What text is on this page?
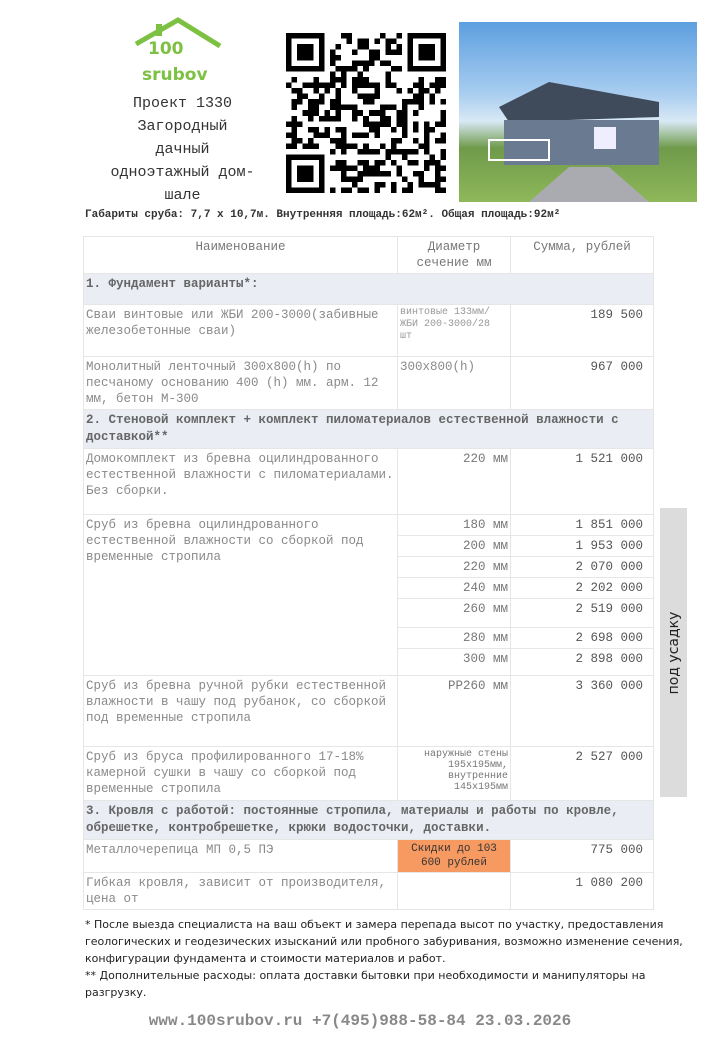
100
srubov
Проект 1330
Загородный
дачный
одноэтажный дом-
шале
Габариты сруба: 7,7 х 10,7м. Внутренняя площадь:62м². Общая площадь:92м²
Наименование	Диаметр сечение мм	Сумма, рублей
1. Фундамент варианты*:		
Сваи винтовые или ЖБИ 200-3000(забивные железобетонные сваи)	винтовые 133мм/ЖБИ 200-3000/28 шт	189 500
Монолитный ленточный 300х800(h) по песчаному основанию 400 (h) мм. арм. 12 мм, бетон М-300	300х800(h)	967 000
2. Стеновой комплект + комплект пиломатериалов естественной влажности с доставкой**		
Домокомплект из бревна оцилиндрованного естественной влажности с пиломатериалами. Без сборки.	220 мм	1 521 000
Сруб из бревна оцилиндрованного естественной влажности со сборкой под временные стропила	180 мм	1 851 000
	200 мм	1 953 000
	220 мм	2 070 000
	240 мм	2 202 000
	260 мм	2 519 000
	280 мм	2 698 000
	300 мм	2 898 000
Сруб из бревна ручной рубки естественной влажности в чашу под рубанок, со сборкой под временные стропила	РР260 мм	3 360 000
Сруб из бруса профилированного 17-18% камерной сушки в чашу со сборкой под временные стропила	наружные стены 195х195мм, внутренние 145х195мм	2 527 000
3. Кровля с работой: постоянные стропила, материалы и работы по кровле, обрешетке, контробрешетке, крюки водосточки, доставки.		
Металлочерепица МП 0,5 ПЭ	Скидки до 103 600 рублей	775 000
Гибкая кровля, зависит от производителя, цена от		1 080 200
* После выезда специалиста на ваш объект и замера перепада высот по участку, предоставления геологических и геодезических изысканий или пробного забуривания, возможно изменение сечения, конфигурации фундамента и стоимости материалов и работ.
** Дополнительные расходы: оплата доставки бытовки при необходимости и манипуляторы на разгрузку.
www.100srubov.ru +7(495)988-58-84 23.03.2026
под усадку
